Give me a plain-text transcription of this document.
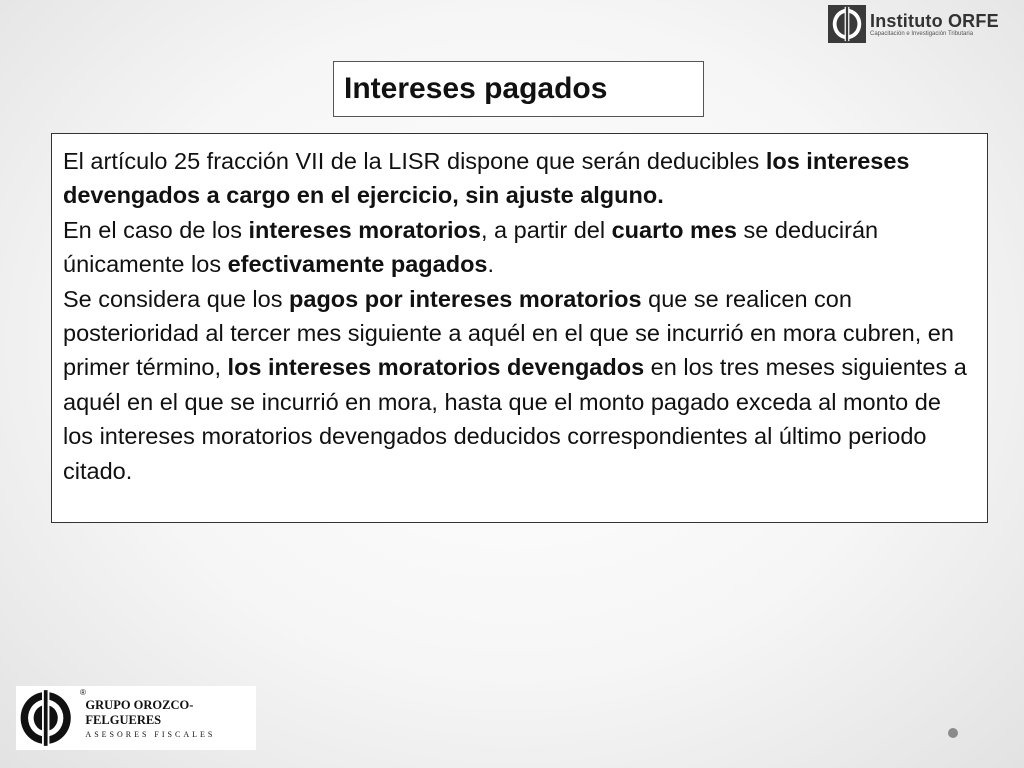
Instituto ORFE
Capacitación e Investigación Tributaria
Intereses pagados

El artículo 25 fracción VII de la LISR dispone que serán deducibles los intereses devengados a cargo en el ejercicio, sin ajuste alguno.

En el caso de los intereses moratorios, a partir del cuarto mes se deducirán únicamente los efectivamente pagados.

Se considera que los pagos por intereses moratorios que se realicen con posterioridad al tercer mes siguiente a aquél en el que se incurrió en mora cubren, en primer término, los intereses moratorios devengados en los tres meses siguientes a aquél en el que se incurrió en mora, hasta que el monto pagado exceda al monto de los intereses moratorios devengados deducidos correspondientes al último periodo citado.

®
GRUPO OROZCO-FELGUERES
ASESORES FISCALES
